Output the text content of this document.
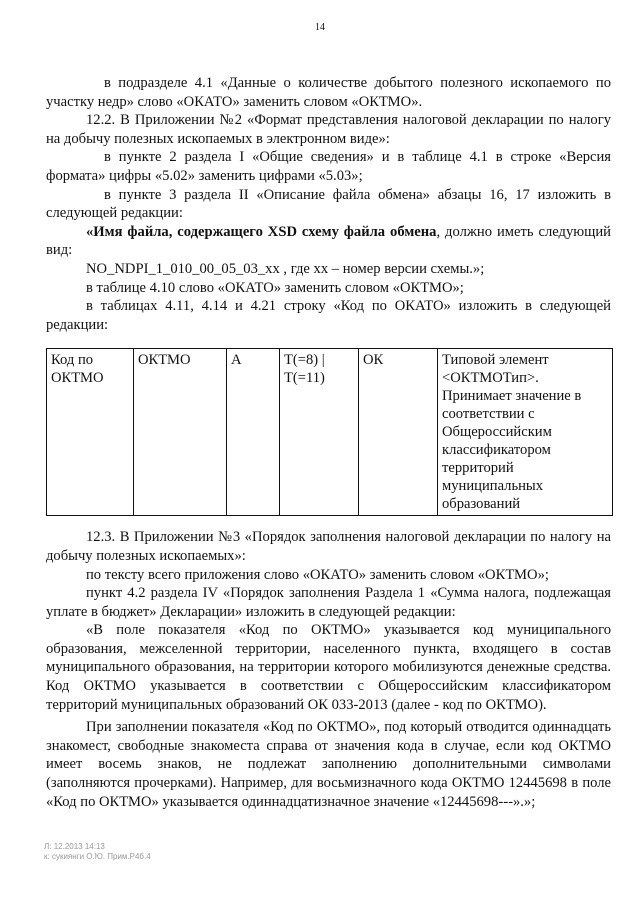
14

в подразделе 4.1 «Данные о количестве добытого полезного ископаемого по участку недр» слово «ОКАТО» заменить словом «ОКТМО».

12.2. В Приложении №2 «Формат представления налоговой декларации по налогу на добычу полезных ископаемых в электронном виде»:

в пункте 2 раздела I «Общие сведения» и в таблице 4.1 в строке «Версия формата» цифры «5.02» заменить цифрами «5.03»;

в пункте 3 раздела II «Описание файла обмена» абзацы 16, 17 изложить в следующей редакции:

«Имя файла, содержащего XSD схему файла обмена, должно иметь следующий вид:

NO_NDPI_1_010_00_05_03_xx , где хх – номер версии схемы.»;

в таблице 4.10 слово «ОКАТО» заменить словом «ОКТМО»;

в таблицах 4.11, 4.14 и 4.21 строку «Код по ОКАТО» изложить в следующей редакции:

Код по ОКТМО	ОКТМО	А	T(=8) |
T(=11)
	ОК	Типовой элемент <ОКТМОТип>. Принимает значение в соответствии с Общероссийским классификатором территорий муниципальных образований

12.3. В Приложении №3 «Порядок заполнения налоговой декларации по налогу на добычу полезных ископаемых»:

по тексту всего приложения слово «ОКАТО» заменить словом «ОКТМО»;

пункт 4.2 раздела IV «Порядок заполнения Раздела 1 «Сумма налога, подлежащая уплате в бюджет» Декларации» изложить в следующей редакции:

«В поле показателя «Код по ОКТМО» указывается код муниципального образования, межселенной территории, населенного пункта, входящего в состав муниципального образования, на территории которого мобилизуются денежные средства. Код ОКТМО указывается в соответствии с Общероссийским классификатором территорий муниципальных образований ОК 033-2013 (далее - код по ОКТМО).

При заполнении показателя «Код по ОКТМО», под который отводится одиннадцать знакомест, свободные знакоместа справа от значения кода в случае, если код ОКТМО имеет восемь знаков, не подлежат заполнению дополнительными символами (заполняются прочерками). Например, для восьмизначного кода ОКТМО 12445698 в поле «Код по ОКТМО» указывается одиннадцатизначное значение «12445698---».»;

Л: 12.2013 14:13
к: сукиянги О.Ю. Прим.Р4б.4
